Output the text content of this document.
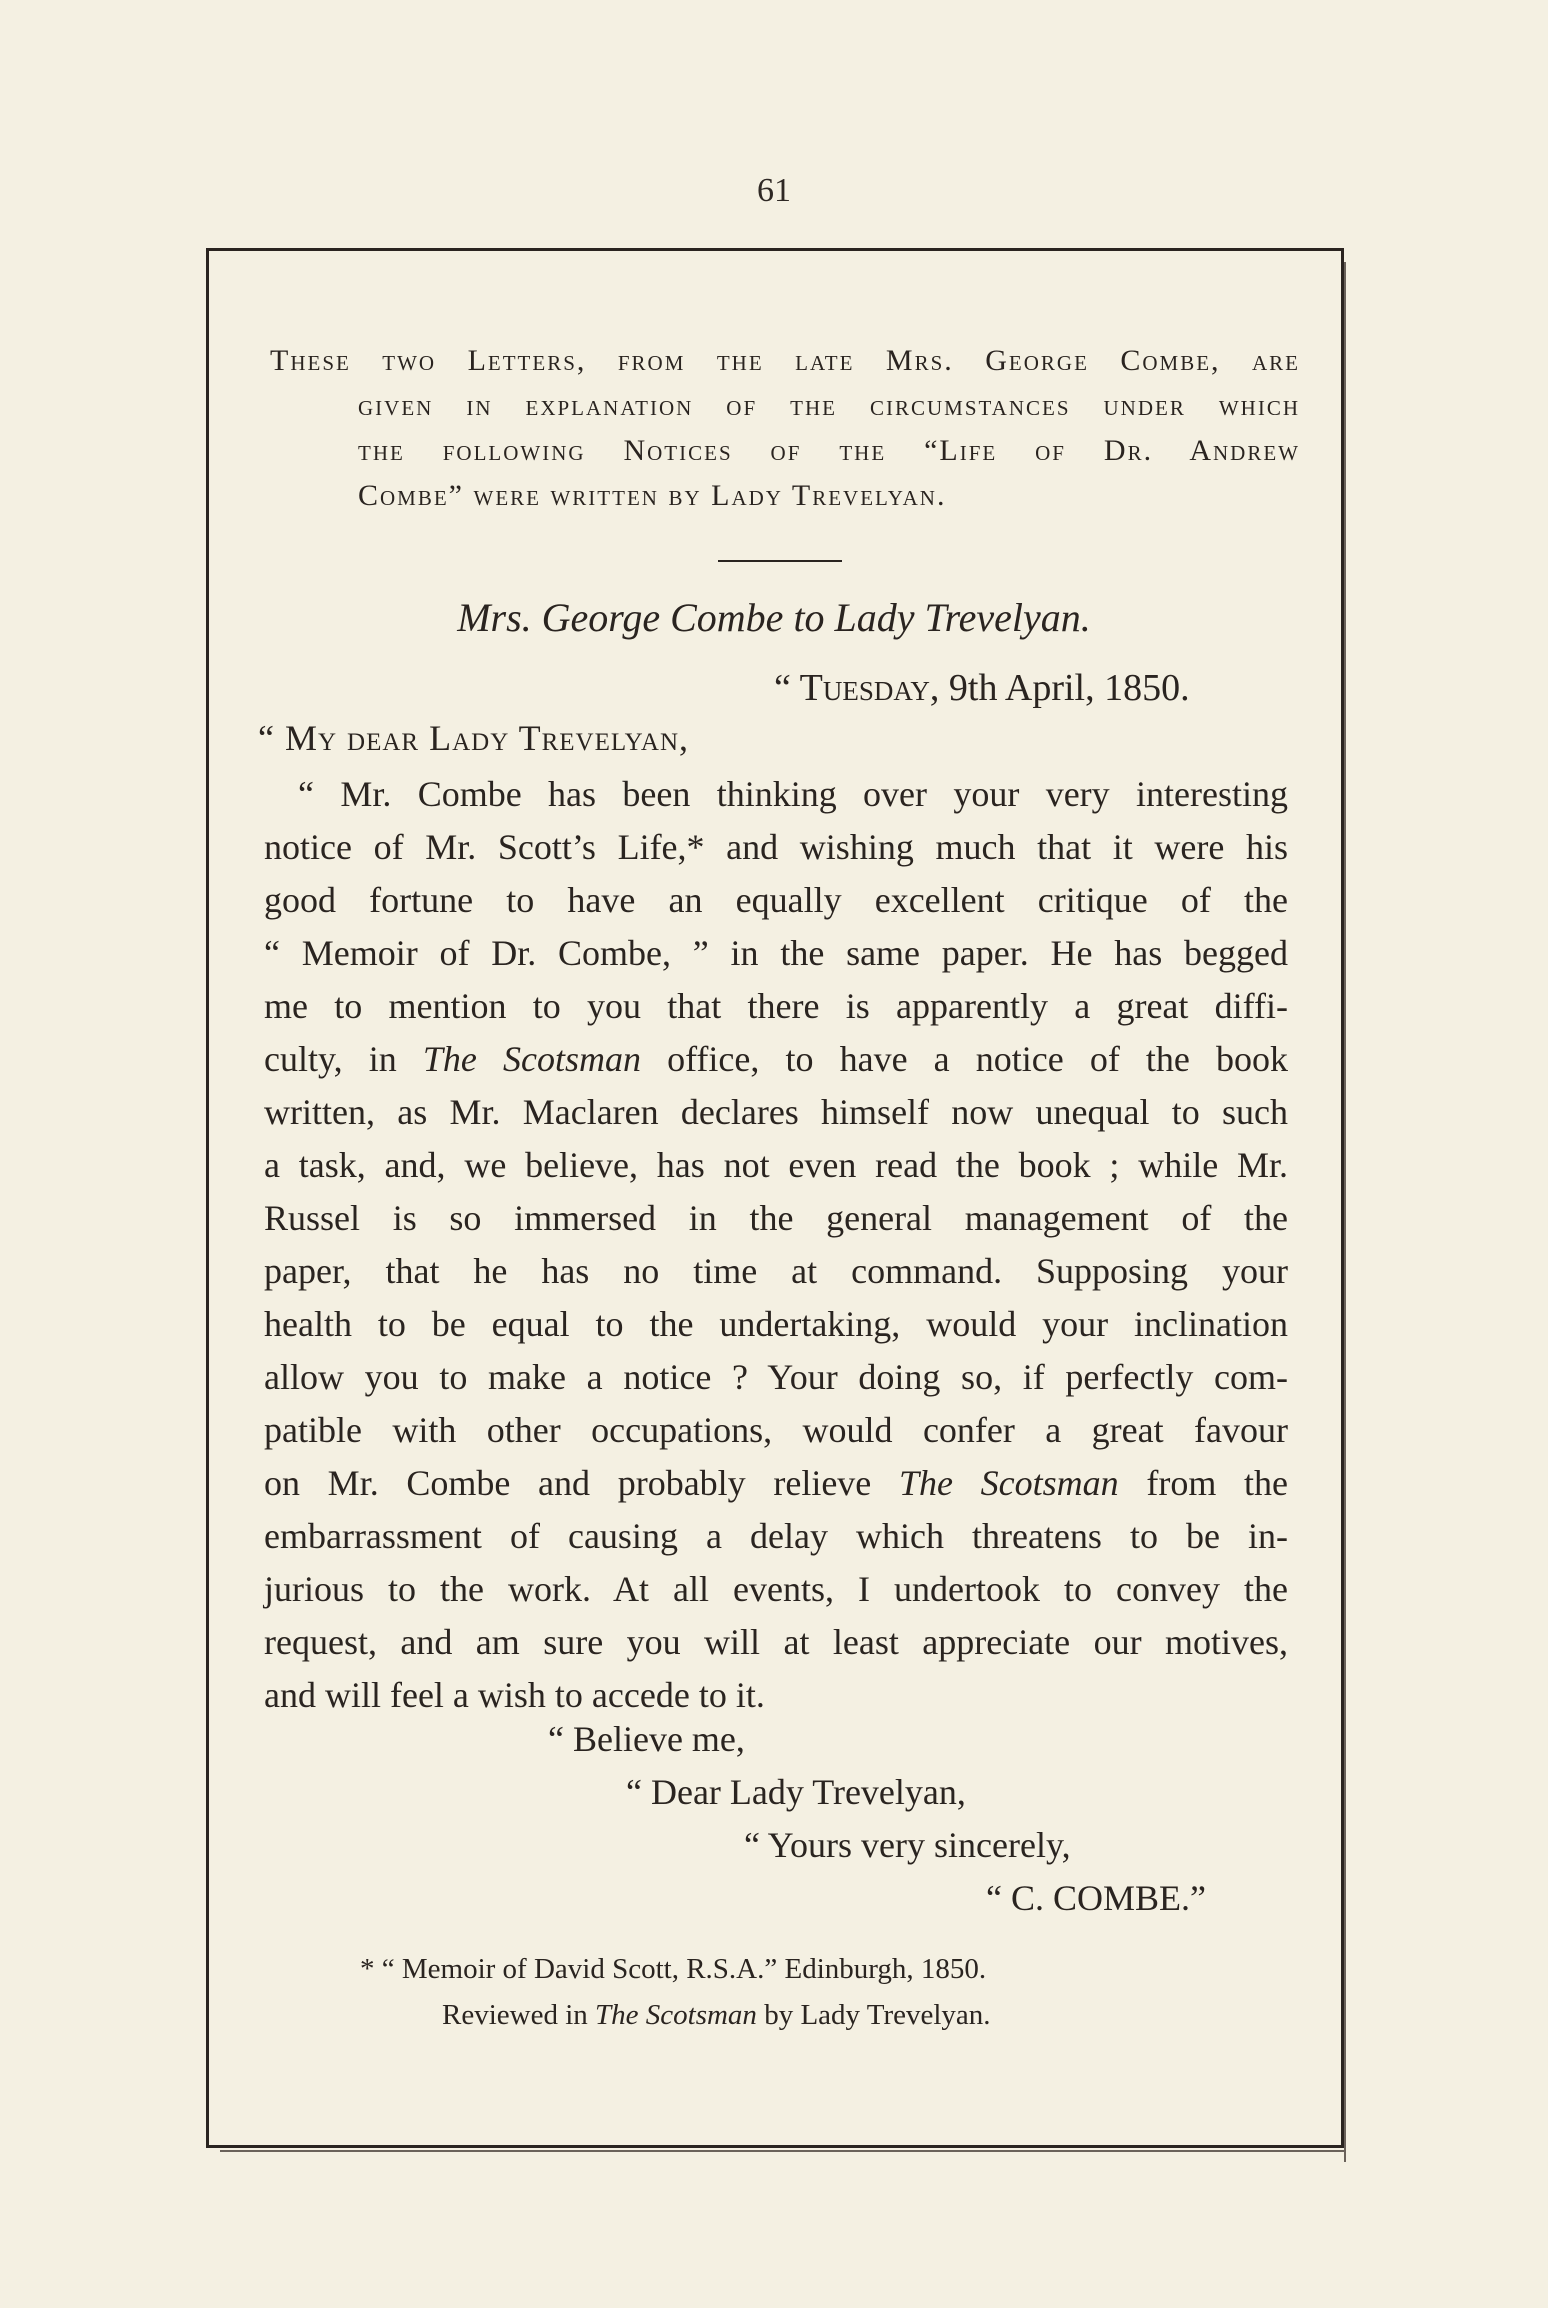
61
These two Letters, from the late Mrs. George Combe, are
given in explanation of the circumstances under which
the following Notices of the “Life of Dr. Andrew
Combe” were written by Lady Trevelyan.
Mrs. George Combe to Lady Trevelyan.
“ Tuesday, 9th April, 1850.
“ My dear Lady Trevelyan,
“ Mr. Combe has been thinking over your very interesting
notice of Mr. Scott’s Life,* and wishing much that it were his
good fortune to have an equally excellent critique of the
“ Memoir of Dr. Combe, ” in the same paper. He has begged
me to mention to you that there is apparently a great diffi-
culty, in The Scotsman office, to have a notice of the book
written, as Mr. Maclaren declares himself now unequal to such
a task, and, we believe, has not even read the book ; while Mr.
Russel is so immersed in the general management of the
paper, that he has no time at command. Supposing your
health to be equal to the undertaking, would your inclination
allow you to make a notice ? Your doing so, if perfectly com-
patible with other occupations, would confer a great favour
on Mr. Combe and probably relieve The Scotsman from the
embarrassment of causing a delay which threatens to be in-
jurious to the work. At all events, I undertook to convey the
request, and am sure you will at least appreciate our motives,
and will feel a wish to accede to it.
“ Believe me,
“ Dear Lady Trevelyan,
“ Yours very sincerely,
“ C. COMBE.”
* “ Memoir of David Scott, R.S.A.” Edinburgh, 1850.
Reviewed in The Scotsman by Lady Trevelyan.
